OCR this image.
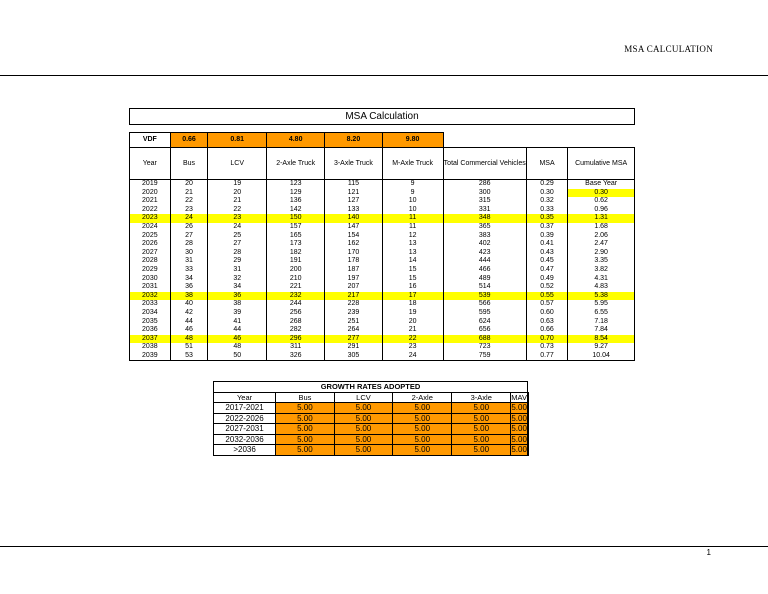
MSA CALCULATION
MSA Calculation
VDF	0.66	0.81	4.80	8.20	9.80			
Year	Bus	LCV	2-Axle Truck	3-Axle Truck	M-Axle Truck	Total Commercial Vehicles	MSA	Cumulative MSA
2019	20	19	123	115	9	286	0.29	Base Year
2020	21	20	129	121	9	300	0.30	0.30
2021	22	21	136	127	10	315	0.32	0.62
2022	23	22	142	133	10	331	0.33	0.96
2023	24	23	150	140	11	348	0.35	1.31
2024	26	24	157	147	11	365	0.37	1.68
2025	27	25	165	154	12	383	0.39	2.06
2026	28	27	173	162	13	402	0.41	2.47
2027	30	28	182	170	13	423	0.43	2.90
2028	31	29	191	178	14	444	0.45	3.35
2029	33	31	200	187	15	466	0.47	3.82
2030	34	32	210	197	15	489	0.49	4.31
2031	36	34	221	207	16	514	0.52	4.83
2032	38	36	232	217	17	539	0.55	5.38
2033	40	38	244	228	18	566	0.57	5.95
2034	42	39	256	239	19	595	0.60	6.55
2035	44	41	268	251	20	624	0.63	7.18
2036	46	44	282	264	21	656	0.66	7.84
2037	48	46	296	277	22	688	0.70	8.54
2038	51	48	311	291	23	723	0.73	9.27
2039	53	50	326	305	24	759	0.77	10.04
GROWTH RATES ADOPTED						
Year	Bus	LCV	2-Axle	3-Axle	MAV	
2017-2021	5.00	5.00	5.00	5.00	5.00	
2022-2026	5.00	5.00	5.00	5.00	5.00	
2027-2031	5.00	5.00	5.00	5.00	5.00	
2032-2036	5.00	5.00	5.00	5.00	5.00	
>2036	5.00	5.00	5.00	5.00	5.00	
1
